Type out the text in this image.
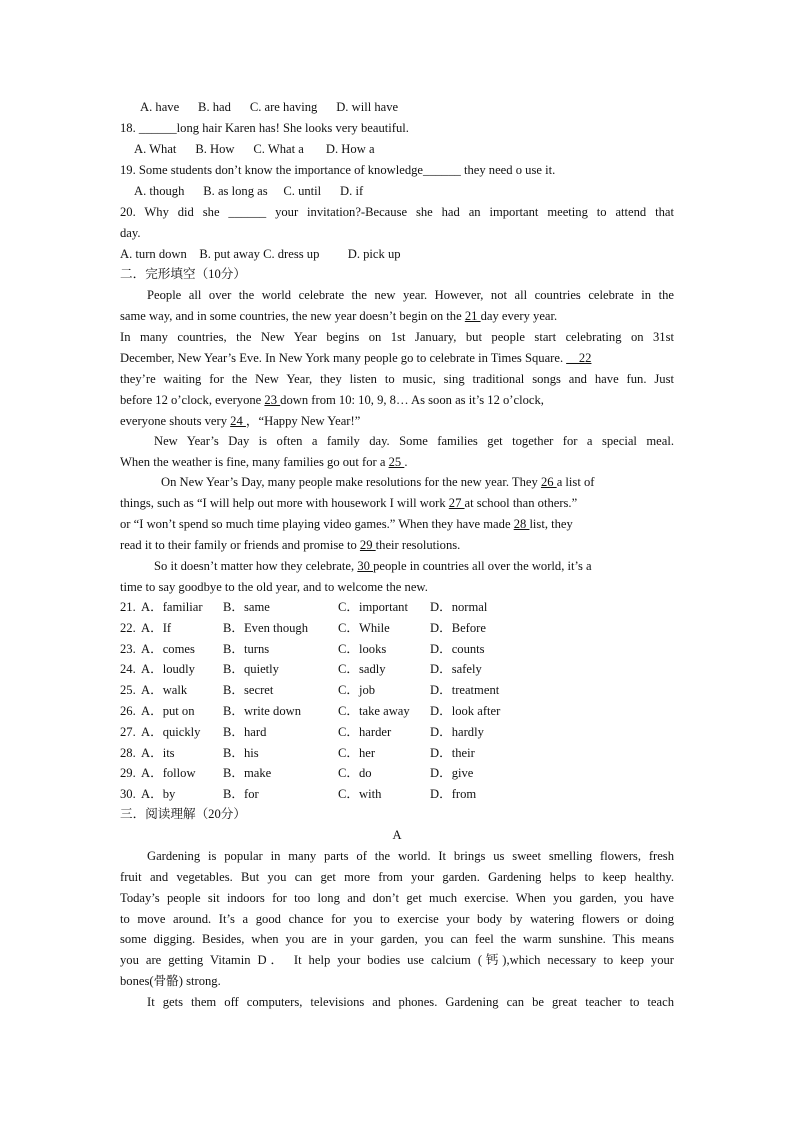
A. have      B. had      C. are having      D. will have
18. ______long hair Karen has! She looks very beautiful.
A. What      B. How      C. What a       D. How a
19. Some students don’t know the importance of knowledge______ they need o use it.
A. though      B. as long as     C. until      D. if
20. Why did she ______ your invitation?-Because she had an important meeting to attend that
day.
A. turn down    B. put away C. dress up         D. pick up
二．完形填空（10分）
People all over the world celebrate the new year. However, not all countries celebrate in the
same way, and in some countries, the new year doesn’t begin on the 21 day every year.
In many countries, the New Year begins on 1st January, but people start celebrating on 31st
December, New Year’s Eve. In New York many people go to celebrate in Times Square. __22
they’re waiting for the New Year, they listen to music, sing traditional songs and have fun. Just
before 12 o’clock, everyone 23 down from 10: 10, 9, 8… As soon as it’s 12 o’clock,
everyone shouts very 24 ，“Happy New Year!”
New Year’s Day is often a family day. Some families get together for a special meal.
When the weather is fine, many families go out for a 25 .
On New Year’s Day, many people make resolutions for the new year. They 26 a list of
things, such as “I will help out more with housework I will work 27 at school than others.”
or “I won’t spend so much time playing video games.” When they have made 28 list, they
read it to their family or friends and promise to 29 their resolutions.
So it doesn’t matter how they celebrate, 30 people in countries all over the world, it’s a
time to say goodbye to the old year, and to welcome the new.
21. A．familiar B．same	C．important D．normal
22. A．If	B．Even though C．While	D．Before
23. A．comes B．turns	C．looks	D．counts
24. A．loudly B．quietly	C．sadly	D．safely
25. A．walk	B．secret	C．job	D．treatment
26. A．put on B．write down	C．take away D．look after
27. A．quickly B．hard	C．harder	D．hardly
28. A．its	B．his	C．her	D．their
29. A．follow B．make	C．do	D．give
30. A．by	B．for	C．with	D．from
三．阅读理解（20分）
A
Gardening is popular in many parts of the world. It brings us sweet smelling flowers, fresh
fruit and vegetables. But you can get more from your garden. Gardening helps to keep healthy.
Today’s people sit indoors for too long and don’t get much exercise. When you garden, you have
to move around. It’s a good chance for you to exercise your body by watering flowers or doing
some digging. Besides, when you are in your garden, you can feel the warm sunshine. This means
you are getting Vitamin D． It help your bodies use calcium (钙),which necessary to keep your
bones(骨骼) strong.
It gets them off computers, televisions and phones. Gardening can be great teacher to teach
